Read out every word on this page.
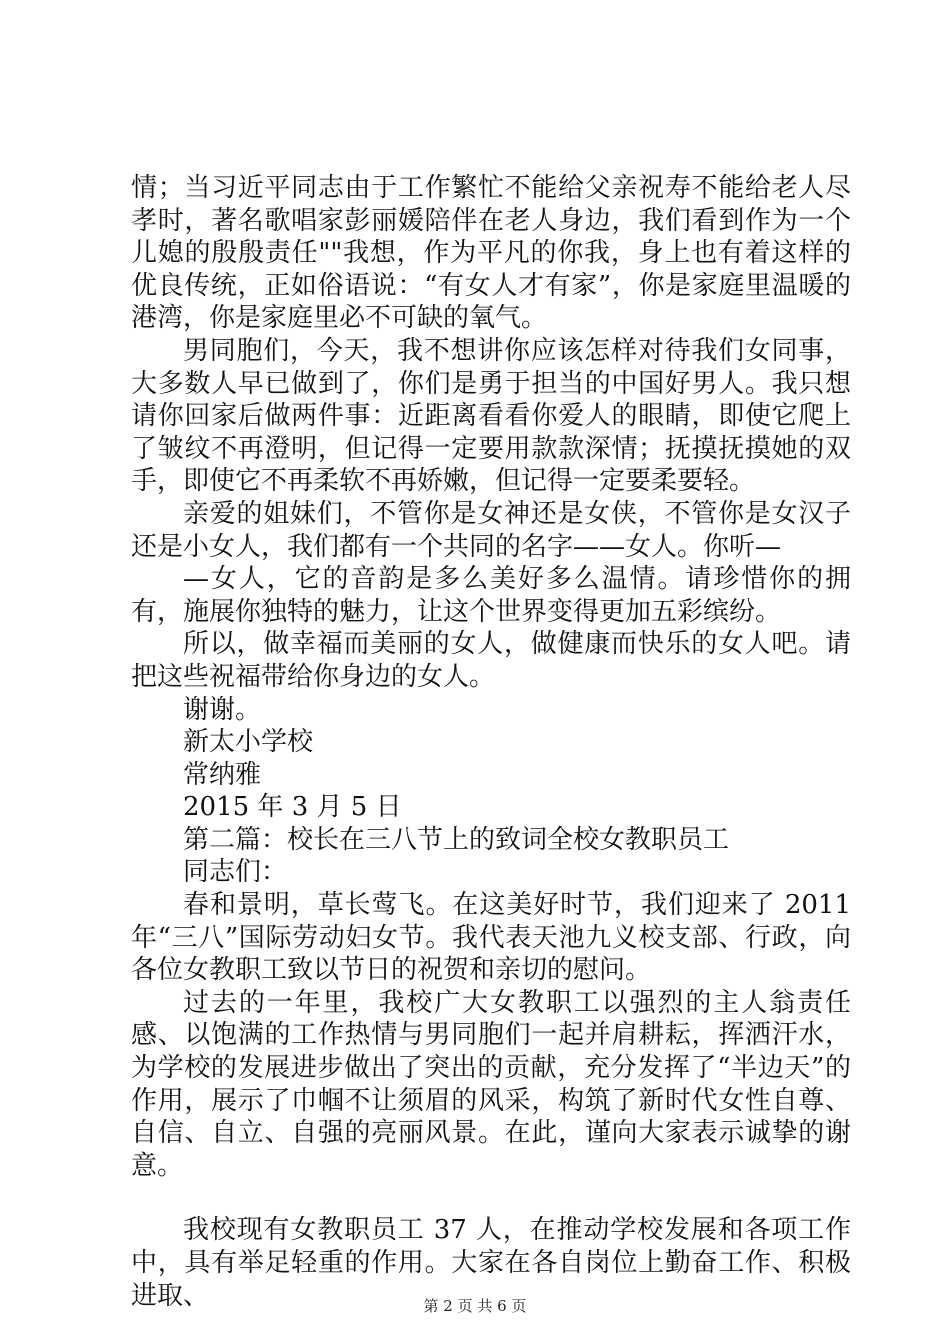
情；当习近平同志由于工作繁忙不能给父亲祝寿不能给老人尽孝时，著名歌唱家彭丽媛陪伴在老人身边，我们看到作为一个儿媳的殷殷责任""我想，作为平凡的你我，身上也有着这样的优良传统，正如俗语说：“有女人才有家”，你是家庭里温暖的港湾，你是家庭里必不可缺的氧气。

男同胞们，今天，我不想讲你应该怎样对待我们女同事，大多数人早已做到了，你们是勇于担当的中国好男人。我只想请你回家后做两件事：近距离看看你爱人的眼睛，即使它爬上了皱纹不再澄明，但记得一定要用款款深情；抚摸抚摸她的双手，即使它不再柔软不再娇嫩，但记得一定要柔要轻。

亲爱的姐妹们，不管你是女神还是女侠，不管你是女汉子还是小女人，我们都有一个共同的名字——女人。你听—

—女人，它的音韵是多么美好多么温情。请珍惜你的拥有，施展你独特的魅力，让这个世界变得更加五彩缤纷。

所以，做幸福而美丽的女人，做健康而快乐的女人吧。请把这些祝福带给你身边的女人。

谢谢。

新太小学校

常纳雅

2015 年 3 月 5 日

第二篇：校长在三八节上的致词全校女教职员工

同志们：

春和景明，草长莺飞。在这美好时节，我们迎来了 2011 年“三八”国际劳动妇女节。我代表天池九义校支部、行政，向各位女教职工致以节日的祝贺和亲切的慰问。

过去的一年里，我校广大女教职工以强烈的主人翁责任感、以饱满的工作热情与男同胞们一起并肩耕耘，挥洒汗水，为学校的发展进步做出了突出的贡献，充分发挥了“半边天”的作用，展示了巾帼不让须眉的风采，构筑了新时代女性自尊、自信、自立、自强的亮丽风景。在此，谨向大家表示诚挚的谢意。

我校现有女教职员工 37 人，在推动学校发展和各项工作中，具有举足轻重的作用。大家在各自岗位上勤奋工作、积极进取、	第 2 页 共 6 页
